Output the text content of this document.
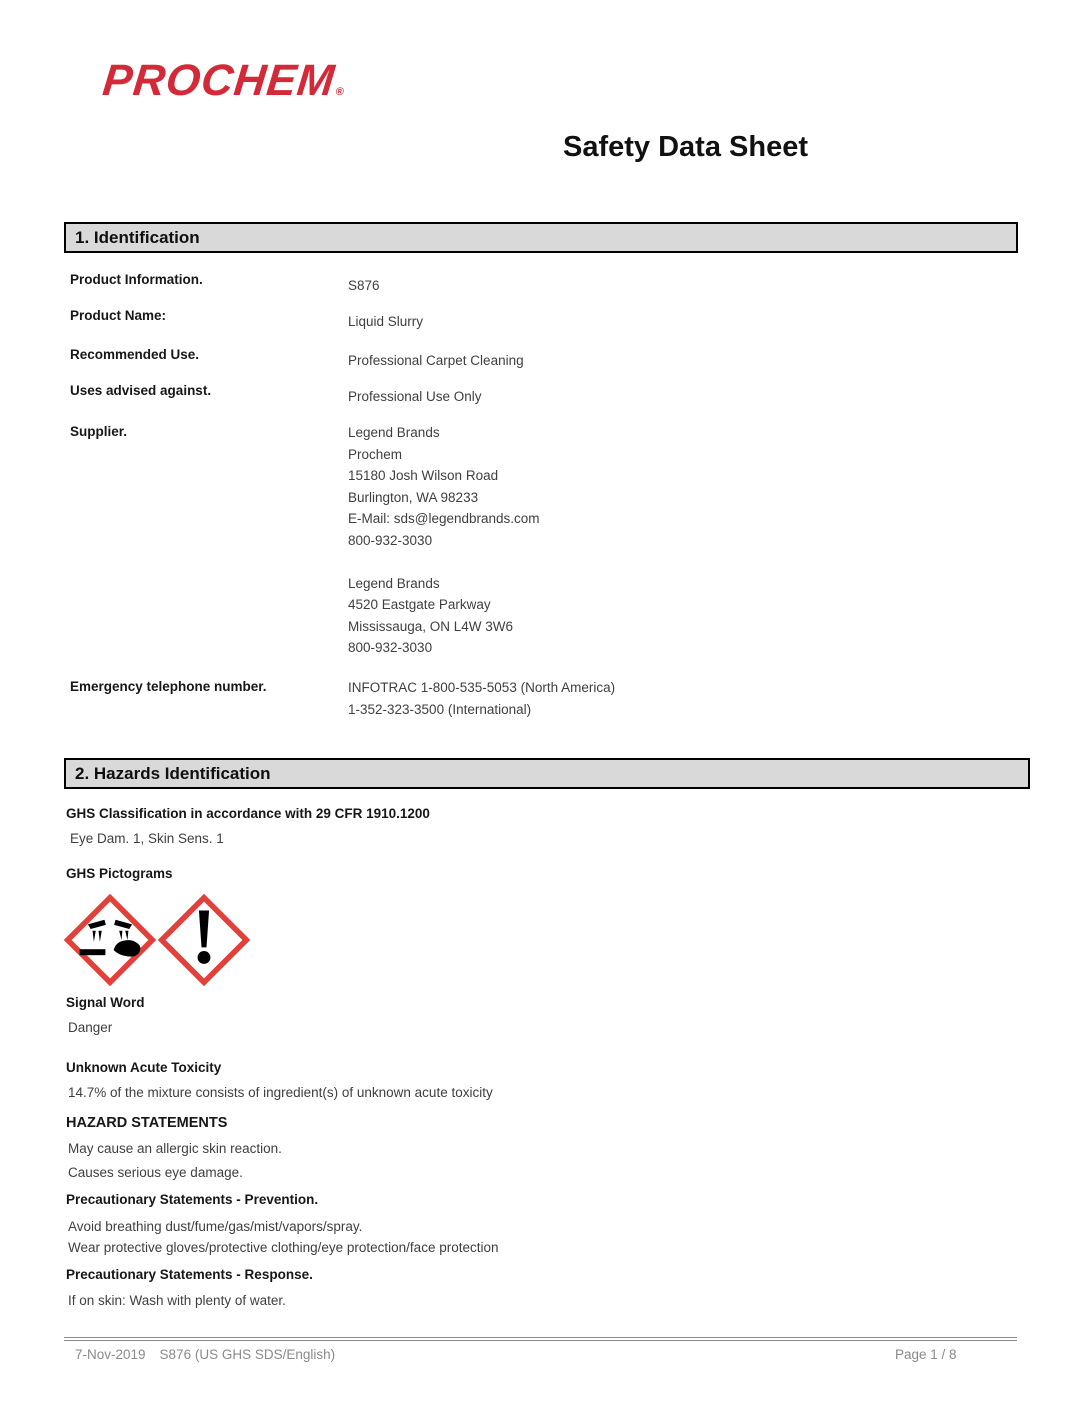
PROCHEM®
Safety Data Sheet
1. Identification
Product Information.	S876
Product Name:	Liquid Slurry
Recommended Use.	Professional Carpet Cleaning
Uses advised against.	Professional Use Only
Supplier.	Legend Brands
Prochem
15180 Josh Wilson Road
Burlington, WA 98233
E-Mail: sds@legendbrands.com
800-932-3030
Legend Brands
4520 Eastgate Parkway
Mississauga, ON L4W 3W6
800-932-3030
Emergency telephone number.	INFOTRAC 1-800-535-5053 (North America)
1-352-323-3500 (International)
2. Hazards Identification
GHS Classification in accordance with 29 CFR 1910.1200
Eye Dam. 1, Skin Sens. 1
GHS Pictograms
Signal Word
Danger
Unknown Acute Toxicity
14.7% of the mixture consists of ingredient(s) of unknown acute toxicity
HAZARD STATEMENTS
May cause an allergic skin reaction.
Causes serious eye damage.
Precautionary Statements - Prevention.
Avoid breathing dust/fume/gas/mist/vapors/spray.
Wear protective gloves/protective clothing/eye protection/face protection
Precautionary Statements - Response.
If on skin: Wash with plenty of water.
7-Nov-2019 S876 (US GHS SDS/English)	Page 1 / 8
